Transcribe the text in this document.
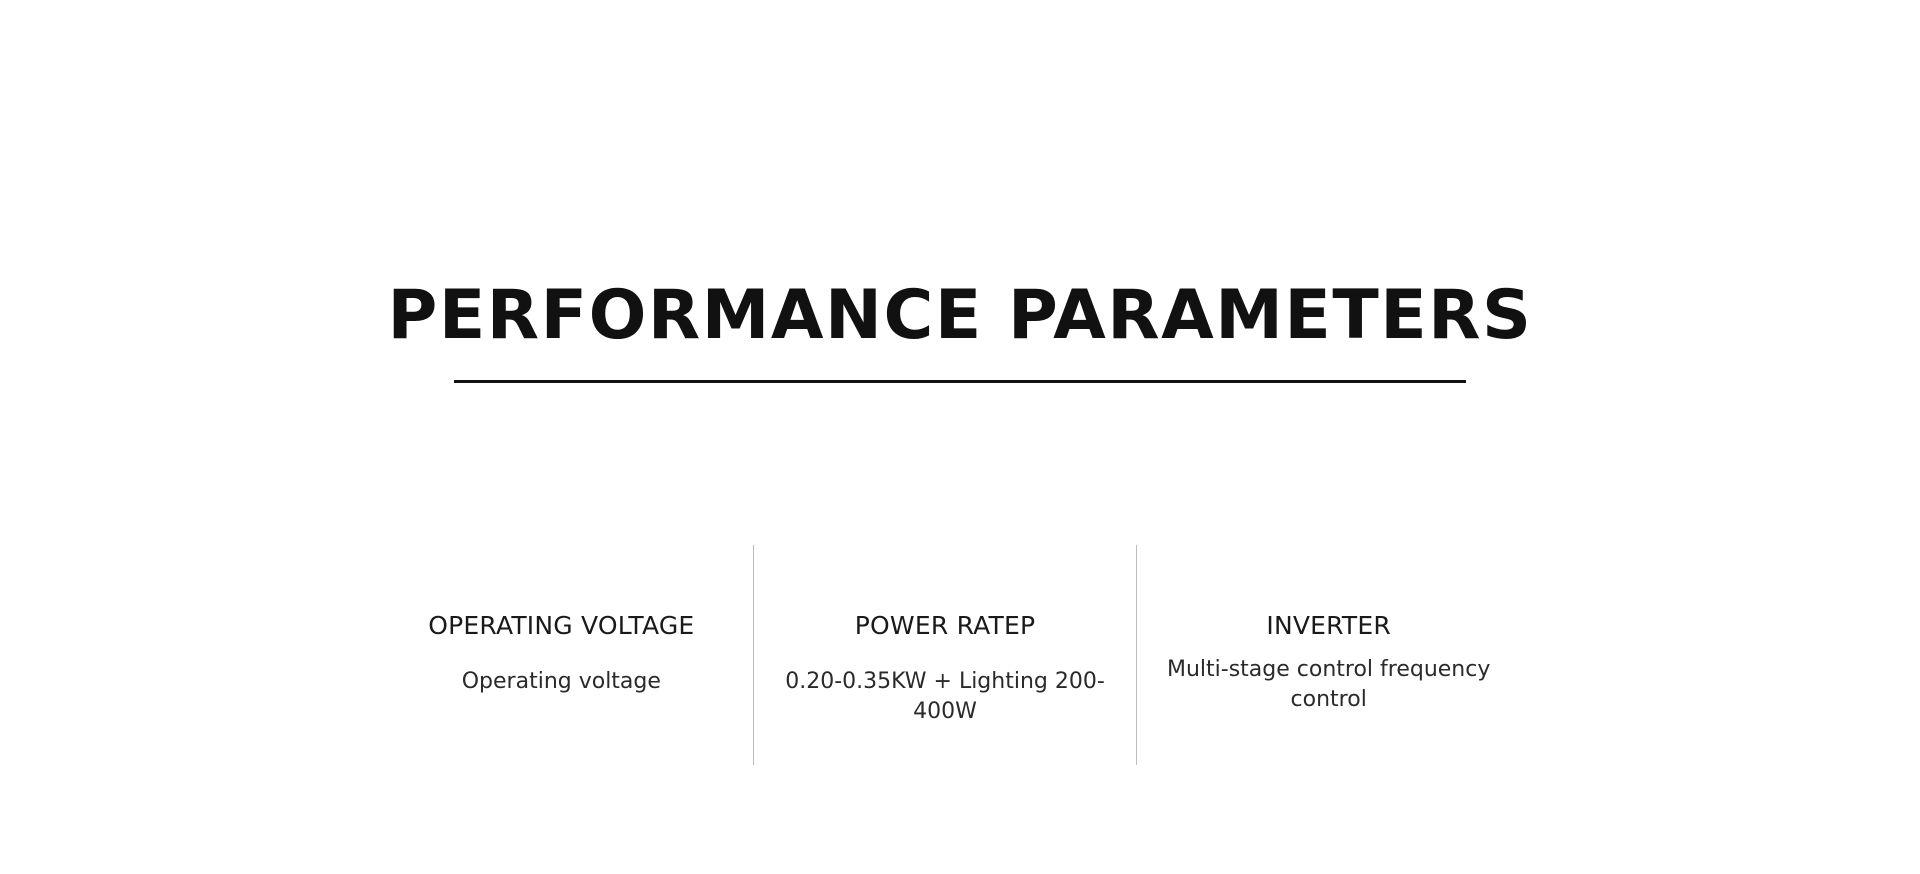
PERFORMANCE PARAMETERS
OPERATING VOLTAGE
Operating voltage
POWER RATEP
0.20-0.35KW + Lighting 200-400W
INVERTER
Multi-stage control frequency control
